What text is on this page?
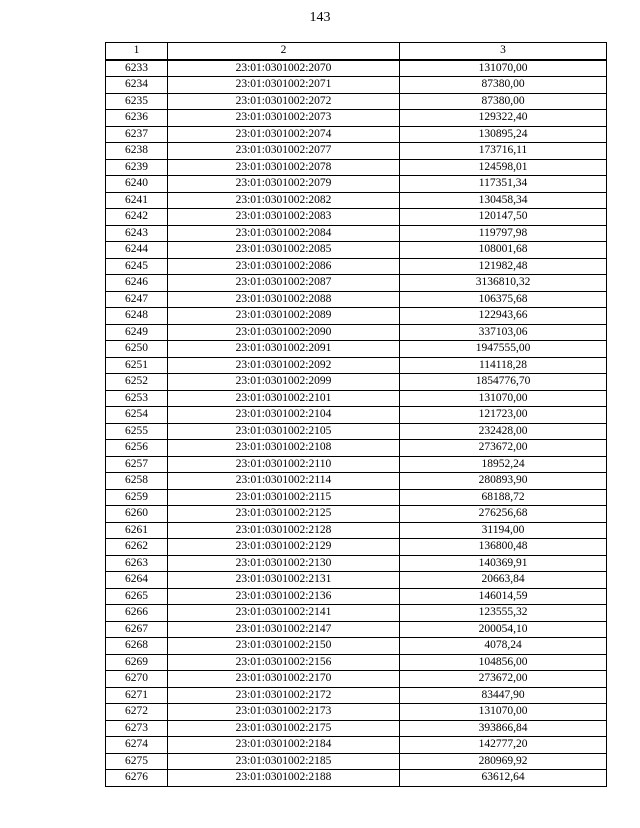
143
1	2	3
6233	23:01:0301002:2070	131070,00
6234	23:01:0301002:2071	87380,00
6235	23:01:0301002:2072	87380,00
6236	23:01:0301002:2073	129322,40
6237	23:01:0301002:2074	130895,24
6238	23:01:0301002:2077	173716,11
6239	23:01:0301002:2078	124598,01
6240	23:01:0301002:2079	117351,34
6241	23:01:0301002:2082	130458,34
6242	23:01:0301002:2083	120147,50
6243	23:01:0301002:2084	119797,98
6244	23:01:0301002:2085	108001,68
6245	23:01:0301002:2086	121982,48
6246	23:01:0301002:2087	3136810,32
6247	23:01:0301002:2088	106375,68
6248	23:01:0301002:2089	122943,66
6249	23:01:0301002:2090	337103,06
6250	23:01:0301002:2091	1947555,00
6251	23:01:0301002:2092	114118,28
6252	23:01:0301002:2099	1854776,70
6253	23:01:0301002:2101	131070,00
6254	23:01:0301002:2104	121723,00
6255	23:01:0301002:2105	232428,00
6256	23:01:0301002:2108	273672,00
6257	23:01:0301002:2110	18952,24
6258	23:01:0301002:2114	280893,90
6259	23:01:0301002:2115	68188,72
6260	23:01:0301002:2125	276256,68
6261	23:01:0301002:2128	31194,00
6262	23:01:0301002:2129	136800,48
6263	23:01:0301002:2130	140369,91
6264	23:01:0301002:2131	20663,84
6265	23:01:0301002:2136	146014,59
6266	23:01:0301002:2141	123555,32
6267	23:01:0301002:2147	200054,10
6268	23:01:0301002:2150	4078,24
6269	23:01:0301002:2156	104856,00
6270	23:01:0301002:2170	273672,00
6271	23:01:0301002:2172	83447,90
6272	23:01:0301002:2173	131070,00
6273	23:01:0301002:2175	393866,84
6274	23:01:0301002:2184	142777,20
6275	23:01:0301002:2185	280969,92
6276	23:01:0301002:2188	63612,64
